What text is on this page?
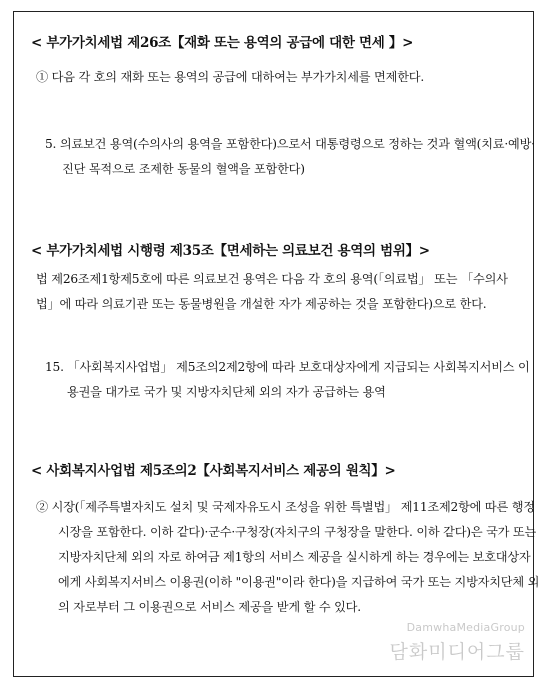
< 부가가치세법 제26조【재화 또는 용역의 공급에 대한 면세 】>
① 다음 각 호의 재화 또는 용역의 공급에 대하여는 부가가치세를 면제한다.
5. 의료보건 용역(수의사의 용역을 포함한다)으로서 대통령령으로 정하는 것과 혈액(치료·예방·진단 목적으로 조제한 동물의 혈액을 포함한다)
< 부가가치세법 시행령 제35조【면세하는 의료보건 용역의 범위】>
법 제26조제1항제5호에 따른 의료보건 용역은 다음 각 호의 용역(「의료법」 또는 「수의사법」에 따라 의료기관 또는 동물병원을 개설한 자가 제공하는 것을 포함한다)으로 한다.
15. 「사회복지사업법」 제5조의2제2항에 따라 보호대상자에게 지급되는 사회복지서비스 이용권을 대가로 국가 및 지방자치단체 외의 자가 공급하는 용역
< 사회복지사업법 제5조의2【사회복지서비스 제공의 원칙】>
② 시장(「제주특별자치도 설치 및 국제자유도시 조성을 위한 특별법」 제11조제2항에 따른 행정시장을 포함한다. 이하 같다)·군수·구청장(자치구의 구청장을 말한다. 이하 같다)은 국가 또는 지방자치단체 외의 자로 하여금 제1항의 서비스 제공을 실시하게 하는 경우에는 보호대상자에게 사회복지서비스 이용권(이하 "이용권"이라 한다)을 지급하여 국가 또는 지방자치단체 외의 자로부터 그 이용권으로 서비스 제공을 받게 할 수 있다.
DamwhaMediaGroup
담화미디어그룹
